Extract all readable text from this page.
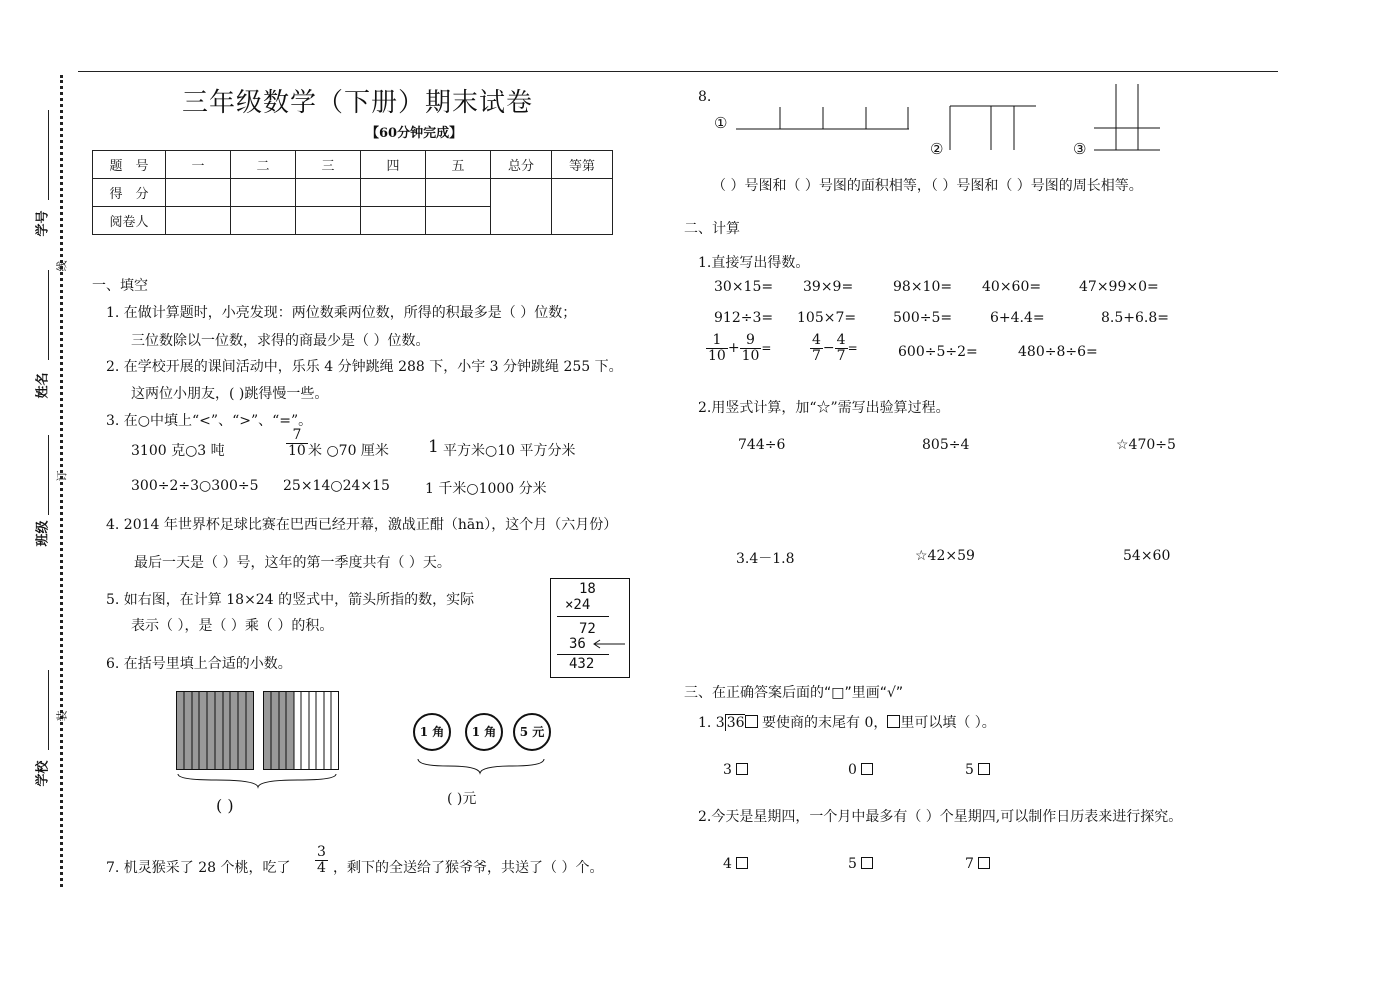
学号
姓名
班级
学校
线
订
装
三年级数学（下册）期末试卷
【60分钟完成】
题　号	一	二	三	四	五	总分	等第
得　分							
阅卷人							
一、填空
1. 在做计算题时，小亮发现：两位数乘两位数，所得的积最多是（ ）位数；
三位数除以一位数，求得的商最少是（ ）位数。
2. 在学校开展的课间活动中，乐乐 4 分钟跳绳 288 下，小宇 3 分钟跳绳 255 下。
这两位小朋友，( )跳得慢一些。
3. 在○中填上“<”、“>”、“=”。
3100 克○3 吨	$\frac{7}{10}$ 米 ○70 厘米 1 平方米○10 平方分米
300÷2÷3○300÷5 25×14○24×15	1 千米○1000 分米
4. 2014 年世界杯足球比赛在巴西已经开幕，激战正酣（hān），这个月（六月份）
最后一天是（ ）号，这年的第一季度共有（ ）天。
5. 如右图，在计算 18×24 的竖式中，箭头所指的数，实际
表示（ ），是（ ）乘（ ）的积。
18
×24
72
36
432
6. 在括号里填上合适的小数。
( )
1 角	1 角	5 元
( )元
7. 机灵猴采了 28 个桃，吃了 $\frac{3}{4}$ ，剩下的全送给了猴爷爷，共送了（ ）个。
8.
①
②	③
（ ）号图和（ ）号图的面积相等，（ ）号图和（ ）号图的周长相等。
二、计算
1.直接写出得数。
30×15= 39×9=	98×10= 40×60=	47×99×0=
912÷3= 105×7=	500÷5=	6+4.4=	8.5+6.8=
$\frac{1}{10} + \frac{9}{10}$ =	$\frac{4}{7} - \frac{4}{7}$ =	600÷5÷2=	480÷8÷6=
2.用竖式计算，加“☆”需写出验算过程。
744÷6	805÷4	☆470÷5
3.4－1.8	☆42×59	54×60
三、在正确答案后面的“□”里画“√”
1. 3 36 要使商的末尾有 0， 里可以填（ ）。
3	0	5
2.今天是星期四，一个月中最多有（ ）个星期四,可以制作日历表来进行探究。
4	5	7
